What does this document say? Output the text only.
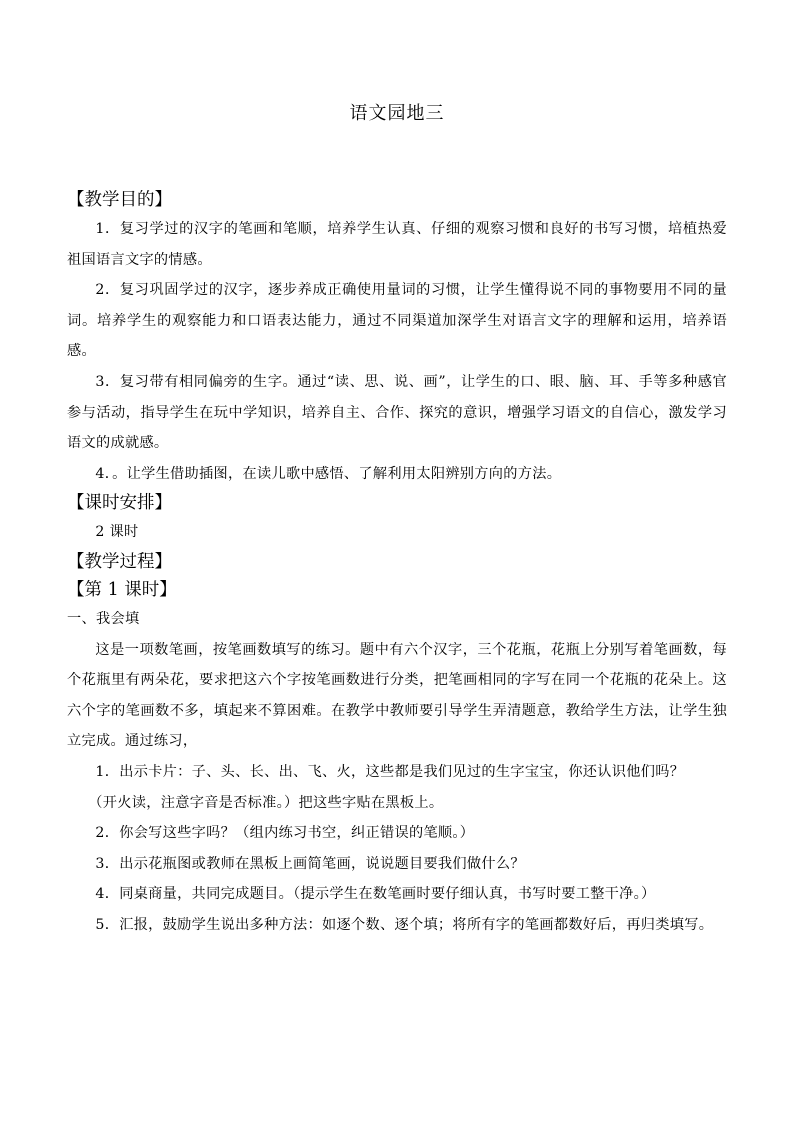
语文园地三
【教学目的】

1．复习学过的汉字的笔画和笔顺，培养学生认真、仔细的观察习惯和良好的书写习惯，培植热爱祖国语言文字的情感。

2．复习巩固学过的汉字，逐步养成正确使用量词的习惯，让学生懂得说不同的事物要用不同的量词。培养学生的观察能力和口语表达能力，通过不同渠道加深学生对语言文字的理解和运用，培养语感。

3．复习带有相同偏旁的生字。通过“读、思、说、画”，让学生的口、眼、脑、耳、手等多种感官参与活动，指导学生在玩中学知识，培养自主、合作、探究的意识，增强学习语文的自信心，激发学习语文的成就感。

4．。让学生借助插图，在读儿歌中感悟、了解利用太阳辨别方向的方法。

【课时安排】

2 课时

【教学过程】
【第 1 课时】

一、我会填

这是一项数笔画，按笔画数填写的练习。题中有六个汉字，三个花瓶，花瓶上分别写着笔画数，每个花瓶里有两朵花，要求把这六个字按笔画数进行分类，把笔画相同的字写在同一个花瓶的花朵上。这六个字的笔画数不多，填起来不算困难。在教学中教师要引导学生弄清题意，教给学生方法，让学生独立完成。通过练习，

1．出示卡片：子、头、长、出、飞、火，这些都是我们见过的生字宝宝，你还认识他们吗？

（开火读，注意字音是否标准。）把这些字贴在黑板上。

2．你会写这些字吗？（组内练习书空，纠正错误的笔顺。）

3．出示花瓶图或教师在黑板上画简笔画，说说题目要我们做什么？

4．同桌商量，共同完成题目。（提示学生在数笔画时要仔细认真，书写时要工整干净。）

5．汇报，鼓励学生说出多种方法：如逐个数、逐个填；将所有字的笔画都数好后，再归类填写。
